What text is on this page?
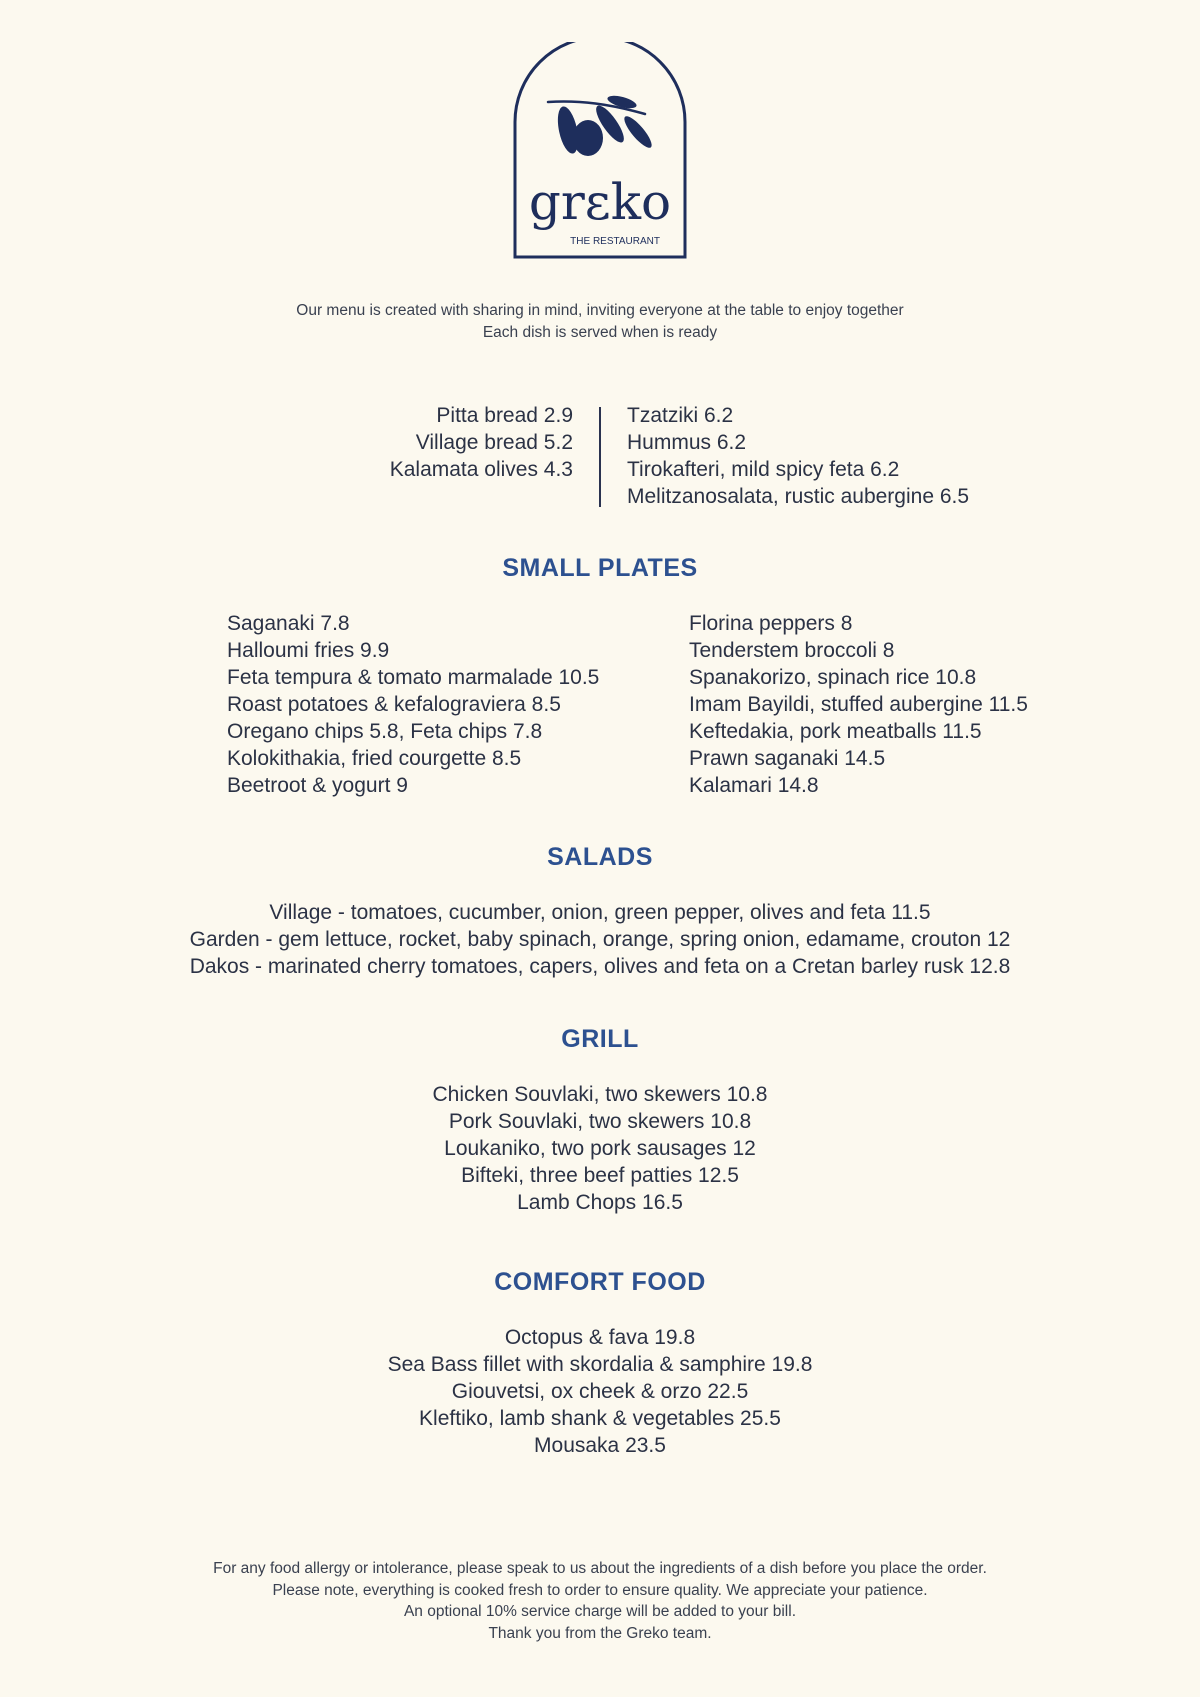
grεko
THE RESTAURANT
Our menu is created with sharing in mind, inviting everyone at the table to enjoy together
Each dish is served when is ready
Pitta bread 2.9
Village bread 5.2
Kalamata olives 4.3
Tzatziki 6.2
Hummus 6.2
Tirokafteri, mild spicy feta 6.2
Melitzanosalata, rustic aubergine 6.5
SMALL PLATES
Saganaki 7.8
Halloumi fries 9.9
Feta tempura & tomato marmalade 10.5
Roast potatoes & kefalograviera 8.5
Oregano chips 5.8, Feta chips 7.8
Kolokithakia, fried courgette 8.5
Beetroot & yogurt 9
Florina peppers 8
Tenderstem broccoli 8
Spanakorizo, spinach rice 10.8
Imam Bayildi, stuffed aubergine 11.5
Keftedakia, pork meatballs 11.5
Prawn saganaki 14.5
Kalamari 14.8
SALADS
Village - tomatoes, cucumber, onion, green pepper, olives and feta 11.5
Garden - gem lettuce, rocket, baby spinach, orange, spring onion, edamame, crouton 12
Dakos - marinated cherry tomatoes, capers, olives and feta on a Cretan barley rusk 12.8
GRILL
Chicken Souvlaki, two skewers 10.8
Pork Souvlaki, two skewers 10.8
Loukaniko, two pork sausages 12
Bifteki, three beef patties 12.5
Lamb Chops 16.5
COMFORT FOOD
Octopus & fava 19.8
Sea Bass fillet with skordalia & samphire 19.8
Giouvetsi, ox cheek & orzo 22.5
Kleftiko, lamb shank & vegetables 25.5
Mousaka 23.5
For any food allergy or intolerance, please speak to us about the ingredients of a dish before you place the order.
Please note, everything is cooked fresh to order to ensure quality. We appreciate your patience.
An optional 10% service charge will be added to your bill.
Thank you from the Greko team.
